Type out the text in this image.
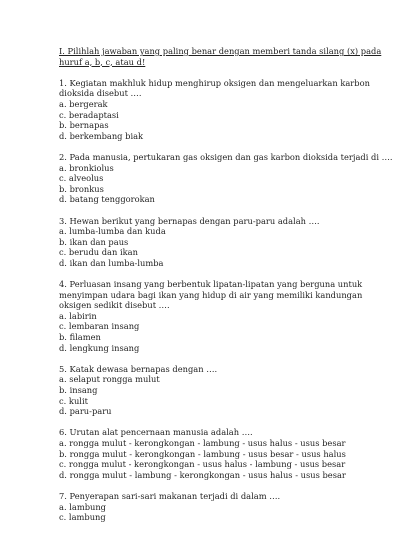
I. Pilihlah jawaban yang paling benar dengan memberi tanda silang (x) pada huruf a, b, c, atau d!
1. Kegiatan makhluk hidup menghirup oksigen dan mengeluarkan karbon dioksida disebut ….
a. bergerak
c. beradaptasi
b. bernapas
d. berkembang biak
2. Pada manusia, pertukaran gas oksigen dan gas karbon dioksida terjadi di ….
a. bronkiolus
c. alveolus
b. bronkus
d. batang tenggorokan
3. Hewan berikut yang bernapas dengan paru-paru adalah ….
a. lumba-lumba dan kuda
b. ikan dan paus
c. berudu dan ikan
d. ikan dan lumba-lumba
4. Perluasan insang yang berbentuk lipatan-lipatan yang berguna untuk menyimpan udara bagi ikan yang hidup di air yang memiliki kandungan oksigen sedikit disebut ….
a. labirin
c. lembaran insang
b. filamen
d. lengkung insang
5. Katak dewasa bernapas dengan ….
a. selaput rongga mulut
b. insang
c. kulit
d. paru-paru
6. Urutan alat pencernaan manusia adalah ….
a. rongga mulut - kerongkongan - lambung - usus halus - usus besar
b. rongga mulut - kerongkongan - lambung - usus besar - usus halus
c. rongga mulut - kerongkongan - usus halus - lambung - usus besar
d. rongga mulut - lambung - kerongkongan - usus halus - usus besar
7. Penyerapan sari-sari makanan terjadi di dalam ….
a. lambung
c. lambung
